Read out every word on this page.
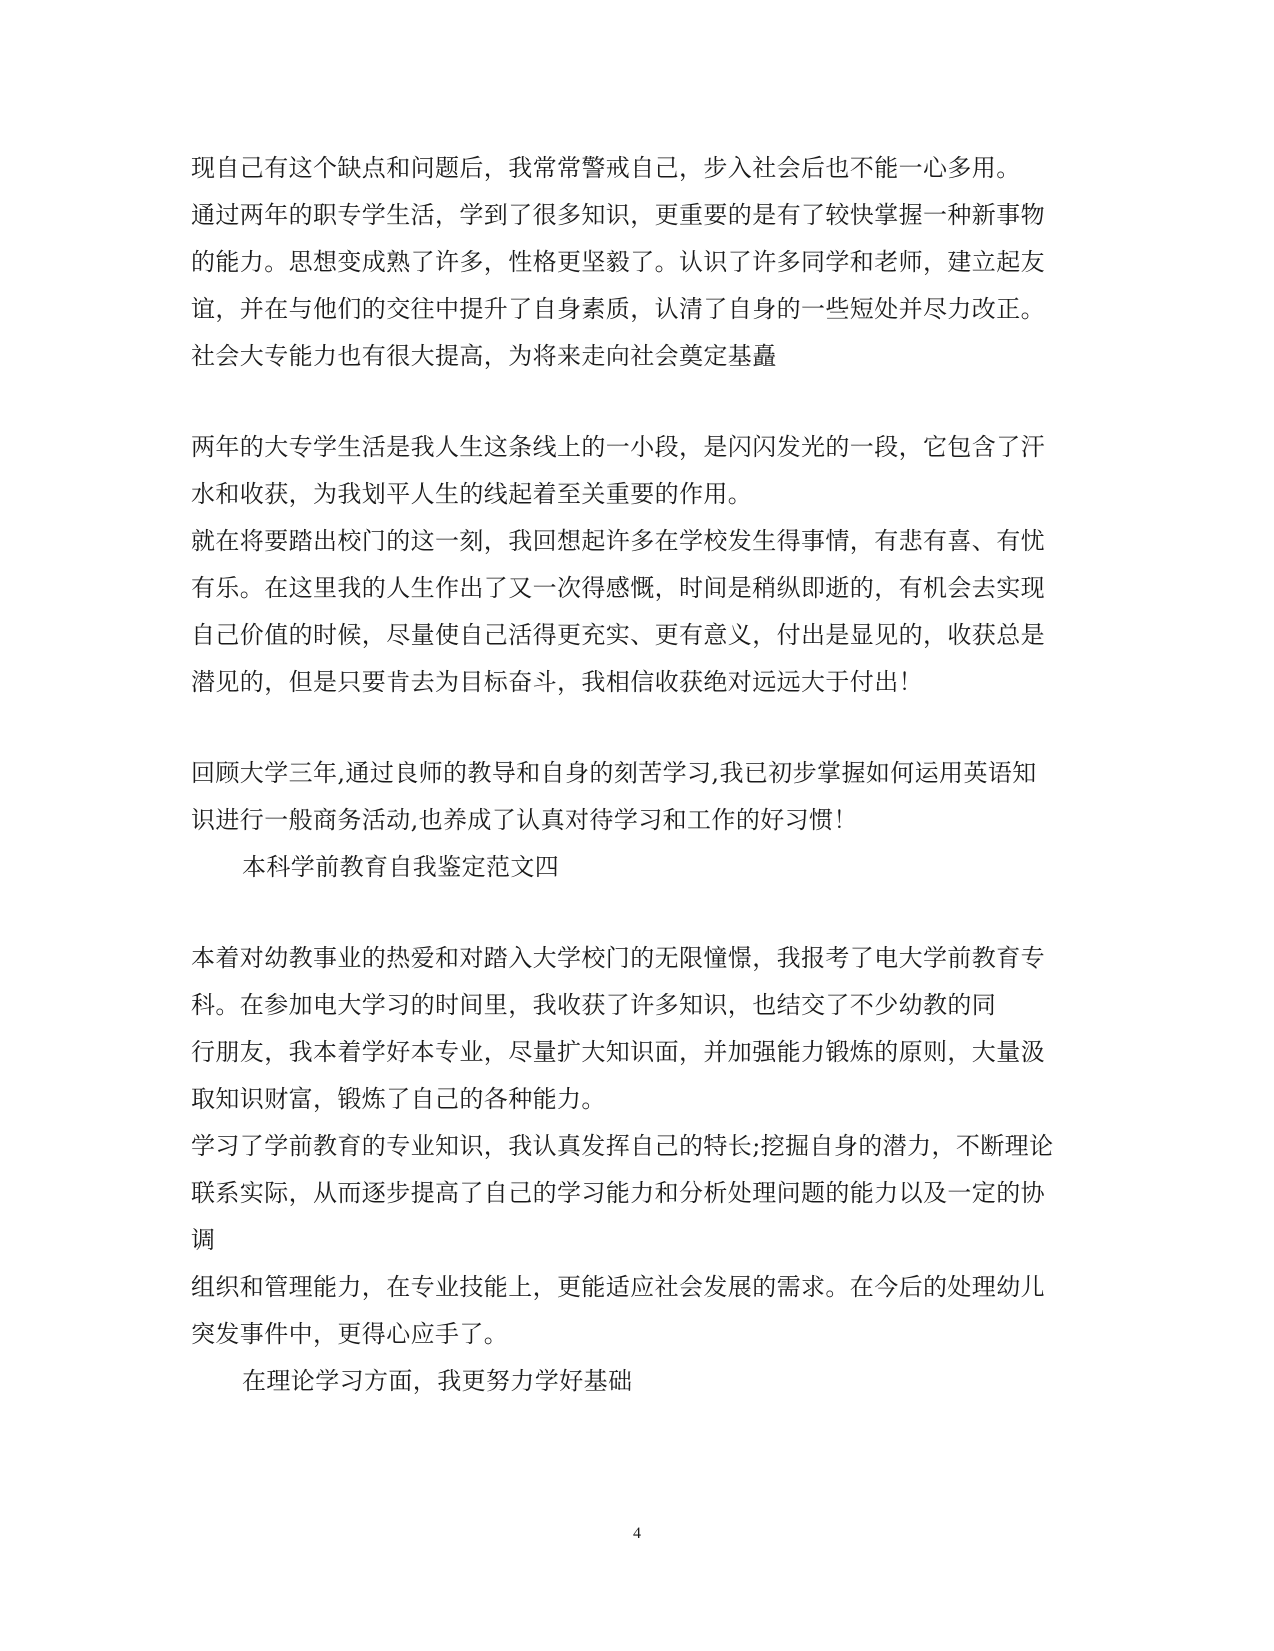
现自己有这个缺点和问题后，我常常警戒自己，步入社会后也不能一心多用。
通过两年的职专学生活，学到了很多知识，更重要的是有了较快掌握一种新事物
的能力。思想变成熟了许多，性格更坚毅了。认识了许多同学和老师，建立起友
谊，并在与他们的交往中提升了自身素质，认清了自身的一些短处并尽力改正。
社会大专能力也有很大提高，为将来走向社会奠定基矗
两年的大专学生活是我人生这条线上的一小段，是闪闪发光的一段，它包含了汗
水和收获，为我划平人生的线起着至关重要的作用。
就在将要踏出校门的这一刻，我回想起许多在学校发生得事情，有悲有喜、有忧
有乐。在这里我的人生作出了又一次得感慨，时间是稍纵即逝的，有机会去实现
自己价值的时候，尽量使自己活得更充实、更有意义，付出是显见的，收获总是
潜见的，但是只要肯去为目标奋斗，我相信收获绝对远远大于付出！
回顾大学三年,通过良师的教导和自身的刻苦学习,我已初步掌握如何运用英语知
识进行一般商务活动,也养成了认真对待学习和工作的好习惯！
本科学前教育自我鉴定范文四
本着对幼教事业的热爱和对踏入大学校门的无限憧憬，我报考了电大学前教育专
科。在参加电大学习的时间里，我收获了许多知识，也结交了不少幼教的同
行朋友，我本着学好本专业，尽量扩大知识面，并加强能力锻炼的原则，大量汲
取知识财富，锻炼了自己的各种能力。
学习了学前教育的专业知识，我认真发挥自己的特长;挖掘自身的潜力，不断理论
联系实际，从而逐步提高了自己的学习能力和分析处理问题的能力以及一定的协
调
组织和管理能力，在专业技能上，更能适应社会发展的需求。在今后的处理幼儿
突发事件中，更得心应手了。
在理论学习方面，我更努力学好基础
4
